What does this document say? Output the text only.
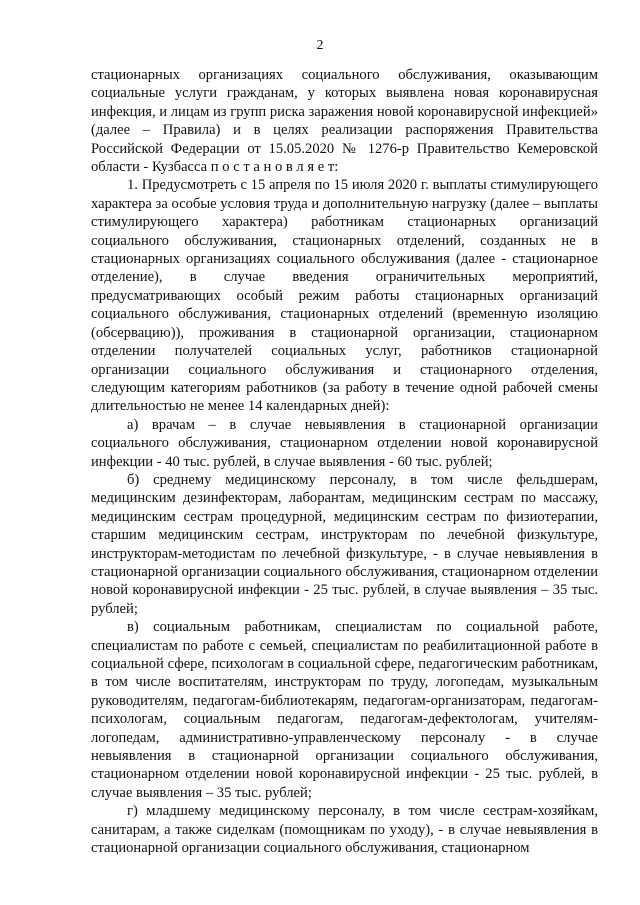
2

стационарных организациях социального обслуживания, оказывающим социальные услуги гражданам, у которых выявлена новая коронавирусная инфекция, и лицам из групп риска заражения новой коронавирусной инфекцией» (далее – Правила) и в целях реализации распоряжения Правительства Российской Федерации от 15.05.2020 № 1276-р Правительство Кемеровской области - Кузбасса п о с т а н о в л я е т:

1. Предусмотреть с 15 апреля по 15 июля 2020 г. выплаты стимулирующего характера за особые условия труда и дополнительную нагрузку (далее – выплаты стимулирующего характера) работникам стационарных организаций социального обслуживания, стационарных отделений, созданных не в стационарных организациях социального обслуживания (далее - стационарное отделение), в случае введения ограничительных мероприятий, предусматривающих особый режим работы стационарных организаций социального обслуживания, стационарных отделений (временную изоляцию (обсервацию)), проживания в стационарной организации, стационарном отделении получателей социальных услуг, работников стационарной организации социального обслуживания и стационарного отделения, следующим категориям работников (за работу в течение одной рабочей смены длительностью не менее 14 календарных дней):

а) врачам – в случае невыявления в стационарной организации социального обслуживания, стационарном отделении новой коронавирусной инфекции - 40 тыс. рублей, в случае выявления - 60 тыс. рублей;

б) среднему медицинскому персоналу, в том числе фельдшерам, медицинским дезинфекторам, лаборантам, медицинским сестрам по массажу, медицинским сестрам процедурной, медицинским сестрам по физиотерапии, старшим медицинским сестрам, инструкторам по лечебной физкультуре, инструкторам-методистам по лечебной физкультуре, - в случае невыявления в стационарной организации социального обслуживания, стационарном отделении новой коронавирусной инфекции - 25 тыс. рублей, в случае выявления – 35 тыс. рублей;

в) социальным работникам, специалистам по социальной работе, специалистам по работе с семьей, специалистам по реабилитационной работе в социальной сфере, психологам в социальной сфере, педагогическим работникам, в том числе воспитателям, инструкторам по труду, логопедам, музыкальным руководителям, педагогам-библиотекарям, педагогам-организаторам, педагогам-психологам, социальным педагогам, педагогам-дефектологам, учителям-логопедам, административно-управленческому персоналу - в случае невыявления в стационарной организации социального обслуживания, стационарном отделении новой коронавирусной инфекции - 25 тыс. рублей, в случае выявления – 35 тыс. рублей;

г) младшему медицинскому персоналу, в том числе сестрам-хозяйкам, санитарам, а также сиделкам (помощникам по уходу), - в случае невыявления в стационарной организации социального обслуживания, стационарном
